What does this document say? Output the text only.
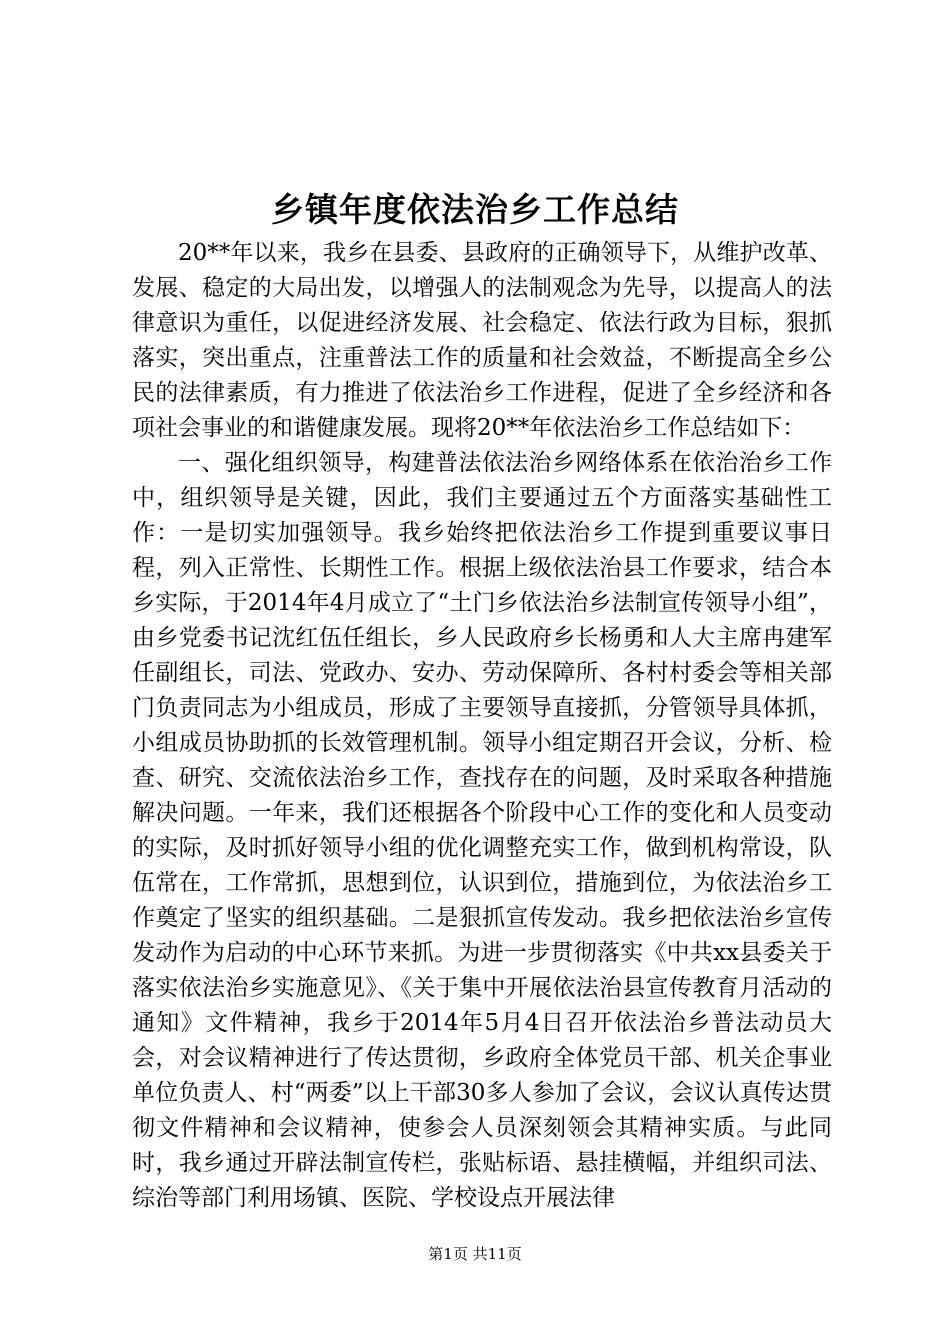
乡镇年度依法治乡工作总结

20**年以来，我乡在县委、县政府的正确领导下，从维护改革、发展、稳定的大局出发，以增强人的法制观念为先导，以提高人的法律意识为重任，以促进经济发展、社会稳定、依法行政为目标，狠抓落实，突出重点，注重普法工作的质量和社会效益，不断提高全乡公民的法律素质，有力推进了依法治乡工作进程，促进了全乡经济和各项社会事业的和谐健康发展。现将20**年依法治乡工作总结如下：

一、强化组织领导，构建普法依法治乡网络体系在依治治乡工作中，组织领导是关键，因此，我们主要通过五个方面落实基础性工作：一是切实加强领导。我乡始终把依法治乡工作提到重要议事日程，列入正常性、长期性工作。根据上级依法治县工作要求，结合本乡实际，于2014年4月成立了“土门乡依法治乡法制宣传领导小组”，由乡党委书记沈红伍任组长，乡人民政府乡长杨勇和人大主席冉建军任副组长，司法、党政办、安办、劳动保障所、各村村委会等相关部门负责同志为小组成员，形成了主要领导直接抓，分管领导具体抓，小组成员协助抓的长效管理机制。领导小组定期召开会议，分析、检查、研究、交流依法治乡工作，查找存在的问题，及时采取各种措施解决问题。一年来，我们还根据各个阶段中心工作的变化和人员变动的实际，及时抓好领导小组的优化调整充实工作，做到机构常设，队伍常在，工作常抓，思想到位，认识到位，措施到位，为依法治乡工作奠定了坚实的组织基础。二是狠抓宣传发动。我乡把依法治乡宣传发动作为启动的中心环节来抓。为进一步贯彻落实《中共xx县委关于落实依法治乡实施意见》、《关于集中开展依法治县宣传教育月活动的通知》文件精神，我乡于2014年5月4日召开依法治乡普法动员大会，对会议精神进行了传达贯彻，乡政府全体党员干部、机关企事业单位负责人、村“两委”以上干部30多人参加了会议，会议认真传达贯彻文件精神和会议精神，使参会人员深刻领会其精神实质。与此同时，我乡通过开辟法制宣传栏，张贴标语、悬挂横幅，并组织司法、综治等部门利用场镇、医院、学校设点开展法律

第1页 共11页
